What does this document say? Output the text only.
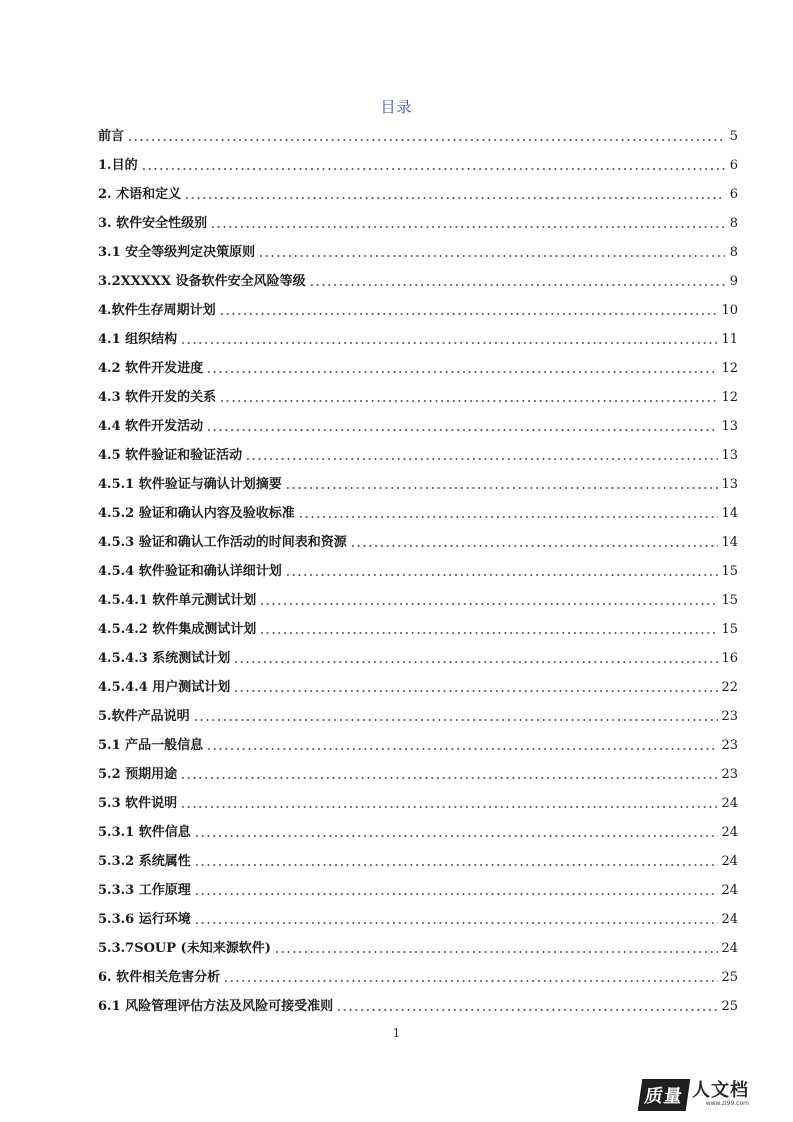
目录
前言	5
1.目的	6
2. 术语和定义	6
3. 软件安全性级别	8
3.1 安全等级判定决策原则	8
3.2XXXXX 设备软件安全风险等级	9
4.软件生存周期计划	10
4.1 组织结构	11
4.2 软件开发进度	12
4.3 软件开发的关系	12
4.4 软件开发活动	13
4.5 软件验证和验证活动	13
4.5.1 软件验证与确认计划摘要	13
4.5.2 验证和确认内容及验收标准	14
4.5.3 验证和确认工作活动的时间表和资源	14
4.5.4 软件验证和确认详细计划	15
4.5.4.1 软件单元测试计划	15
4.5.4.2 软件集成测试计划	15
4.5.4.3 系统测试计划	16
4.5.4.4 用户测试计划	22
5.软件产品说明	23
5.1 产品一般信息	23
5.2 预期用途	23
5.3 软件说明	24
5.3.1 软件信息	24
5.3.2 系统属性	24
5.3.3 工作原理	24
5.3.6 运行环境	24
5.3.7SOUP (未知来源软件)	24
6. 软件相关危害分析	25
6.1 风险管理评估方法及风险可接受准则	25
1
质量 人文档
www.zl99.com
